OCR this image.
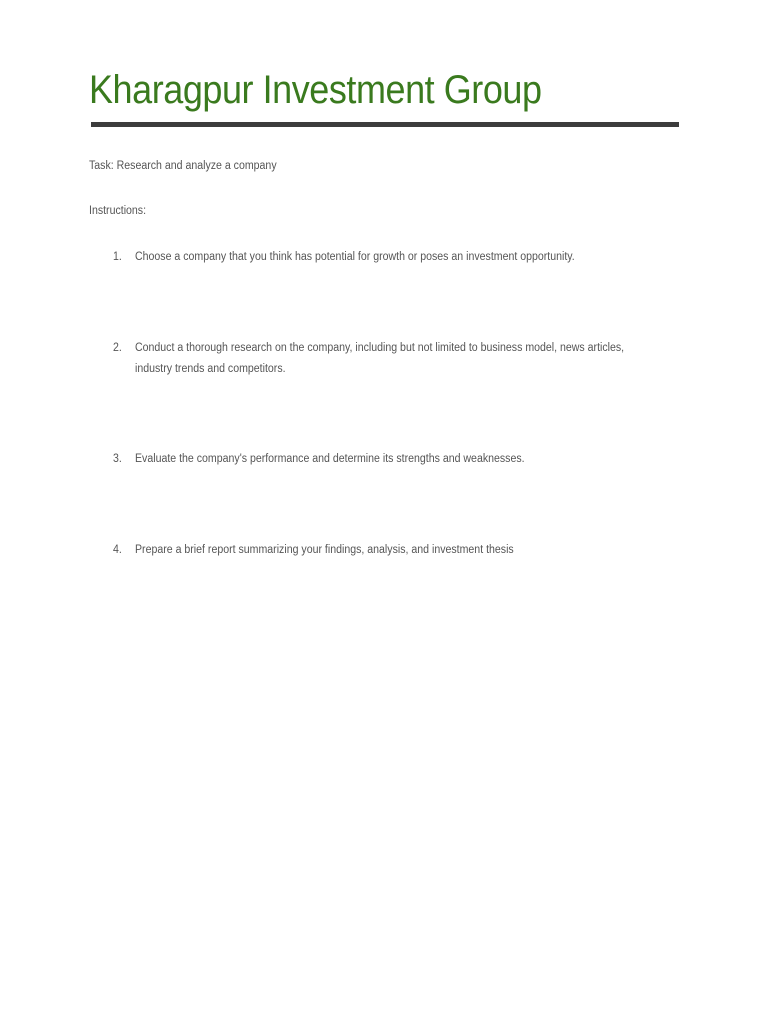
Kharagpur Investment Group
Task: Research and analyze a company
Instructions:
1. Choose a company that you think has potential for growth or poses an investment opportunity.
2. Conduct a thorough research on the company, including but not limited to business model, news articles, industry trends and competitors.
3. Evaluate the company's performance and determine its strengths and weaknesses.
4. Prepare a brief report summarizing your findings, analysis, and investment thesis
